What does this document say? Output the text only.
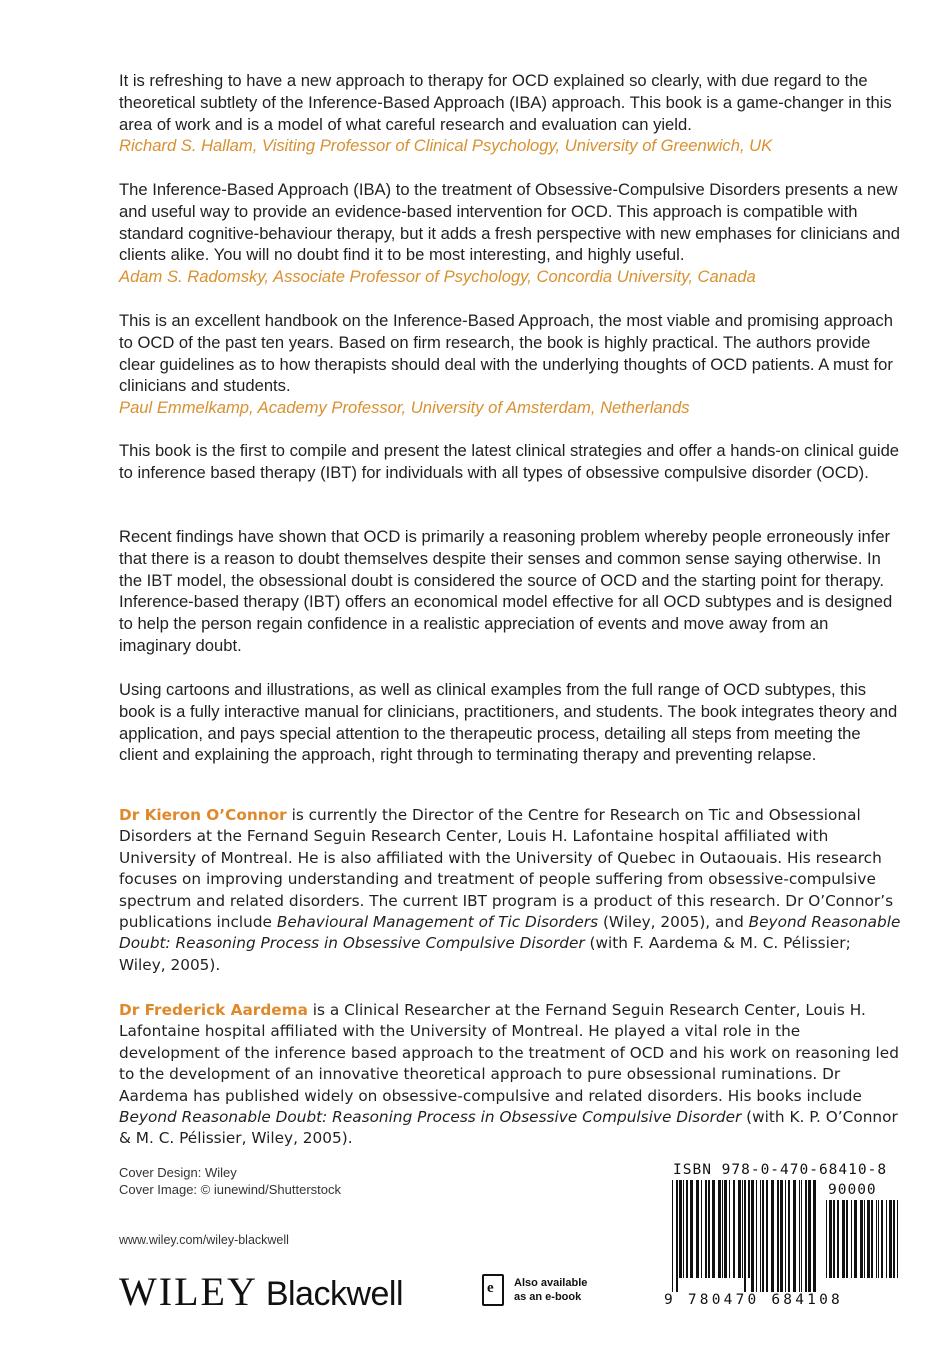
It is refreshing to have a new approach to therapy for OCD explained so clearly, with due regard to the theoretical subtlety of the Inference-Based Approach (IBA) approach. This book is a game-changer in this area of work and is a model of what careful research and evaluation can yield.

Richard S. Hallam, Visiting Professor of Clinical Psychology, University of Greenwich, UK

The Inference-Based Approach (IBA) to the treatment of Obsessive-Compulsive Disorders presents a new and useful way to provide an evidence-based intervention for OCD. This approach is compatible with standard cognitive-behaviour therapy, but it adds a fresh perspective with new emphases for clinicians and clients alike. You will no doubt find it to be most interesting, and highly useful.

Adam S. Radomsky, Associate Professor of Psychology, Concordia University, Canada

This is an excellent handbook on the Inference-Based Approach, the most viable and promising approach to OCD of the past ten years. Based on firm research, the book is highly practical. The authors provide clear guidelines as to how therapists should deal with the underlying thoughts of OCD patients. A must for clinicians and students.

Paul Emmelkamp, Academy Professor, University of Amsterdam, Netherlands

This book is the first to compile and present the latest clinical strategies and offer a hands-on clinical guide to inference based therapy (IBT) for individuals with all types of obsessive compulsive disorder (OCD).

Recent findings have shown that OCD is primarily a reasoning problem whereby people erroneously infer that there is a reason to doubt themselves despite their senses and common sense saying otherwise. In the IBT model, the obsessional doubt is considered the source of OCD and the starting point for therapy. Inference-based therapy (IBT) offers an economical model effective for all OCD subtypes and is designed to help the person regain confidence in a realistic appreciation of events and move away from an imaginary doubt.

Using cartoons and illustrations, as well as clinical examples from the full range of OCD subtypes, this book is a fully interactive manual for clinicians, practitioners, and students. The book integrates theory and application, and pays special attention to the therapeutic process, detailing all steps from meeting the client and explaining the approach, right through to terminating therapy and preventing relapse.

Dr Kieron O’Connor is currently the Director of the Centre for Research on Tic and Obsessional Disorders at the Fernand Seguin Research Center, Louis H. Lafontaine hospital affiliated with University of Montreal. He is also affiliated with the University of Quebec in Outaouais. His research focuses on improving understanding and treatment of people suffering from obsessive-compulsive spectrum and related disorders. The current IBT program is a product of this research. Dr O’Connor’s publications include Behavioural Management of Tic Disorders (Wiley, 2005), and Beyond Reasonable Doubt: Reasoning Process in Obsessive Compulsive Disorder (with F. Aardema & M. C. Pélissier; Wiley, 2005).

Dr Frederick Aardema is a Clinical Researcher at the Fernand Seguin Research Center, Louis H. Lafontaine hospital affiliated with the University of Montreal. He played a vital role in the development of the inference based approach to the treatment of OCD and his work on reasoning led to the development of an innovative theoretical approach to pure obsessional ruminations. Dr Aardema has published widely on obsessive-compulsive and related disorders. His books include Beyond Reasonable Doubt: Reasoning Process in Obsessive Compulsive Disorder (with K. P. O’Connor & M. C. Pélissier, Wiley, 2005).

Cover Design: Wiley
Cover Image: © iunewind/Shutterstock
www.wiley.com/wiley-blackwell
WILEY Blackwell	e Also available
as an e-book
ISBN 978-0-470-68410-8
90000
9 780470 684108
